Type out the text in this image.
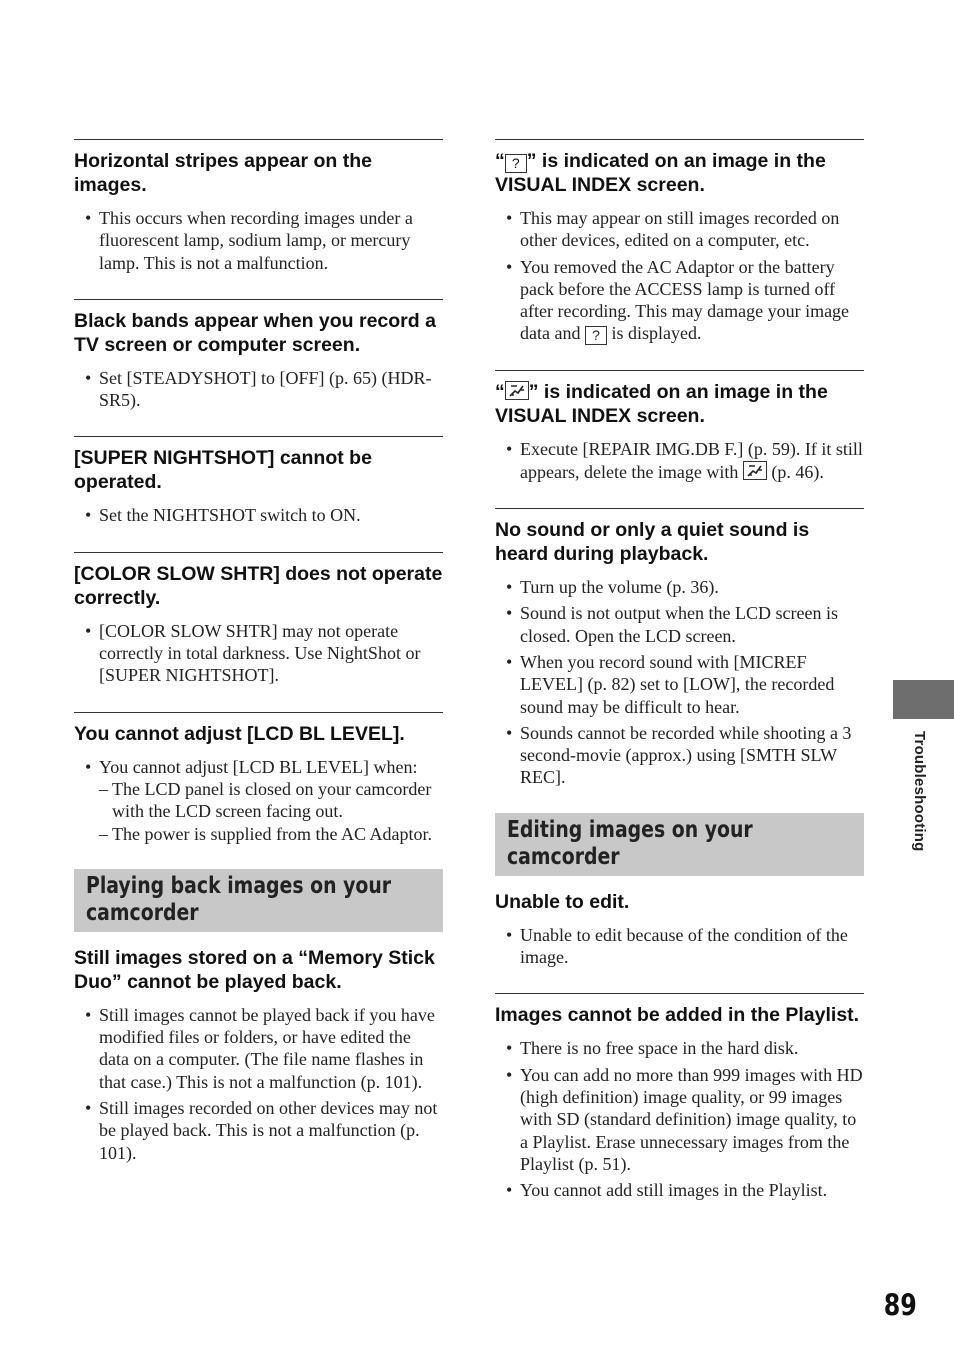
Horizontal stripes appear on the images.
• This occurs when recording images under a fluorescent lamp, sodium lamp, or mercury lamp. This is not a malfunction.
Black bands appear when you record a TV screen or computer screen.
• Set [STEADYSHOT] to [OFF] (p. 65) (HDR-SR5).
[SUPER NIGHTSHOT] cannot be operated.
• Set the NIGHTSHOT switch to ON.
[COLOR SLOW SHTR] does not operate correctly.
• [COLOR SLOW SHTR] may not operate correctly in total darkness. Use NightShot or [SUPER NIGHTSHOT].
You cannot adjust [LCD BL LEVEL].
• You cannot adjust [LCD BL LEVEL] when:
– The LCD panel is closed on your camcorder with the LCD screen facing out.
– The power is supplied from the AC Adaptor.
Playing back images on your camcorder
Still images stored on a “Memory Stick Duo” cannot be played back.
• Still images cannot be played back if you have modified files or folders, or have edited the data on a computer. (The file name flashes in that case.) This is not a malfunction (p. 101).
• Still images recorded on other devices may not be played back. This is not a malfunction (p. 101).
“ ? ” is indicated on an image in the VISUAL INDEX screen.
• This may appear on still images recorded on other devices, edited on a computer, etc.
• You removed the AC Adaptor or the battery pack before the ACCESS lamp is turned off after recording. This may damage your image data and ? is displayed.
“ ” is indicated on an image in the VISUAL INDEX screen.
• Execute [REPAIR IMG.DB F.] (p. 59). If it still appears, delete the image with
(p. 46).
No sound or only a quiet sound is heard during playback.
• Turn up the volume (p. 36).
• Sound is not output when the LCD screen is closed. Open the LCD screen.
• When you record sound with [MICREF LEVEL] (p. 82) set to [LOW], the recorded sound may be difficult to hear.
• Sounds cannot be recorded while shooting a 3 second-movie (approx.) using [SMTH SLW REC].
Editing images on your camcorder
Unable to edit.
• Unable to edit because of the condition of the image.
Images cannot be added in the Playlist.
• There is no free space in the hard disk.
• You can add no more than 999 images with HD (high definition) image quality, or 99 images with SD (standard definition) image quality, to a Playlist. Erase unnecessary images from the Playlist (p. 51).
• You cannot add still images in the Playlist.
Troubleshooting
89
